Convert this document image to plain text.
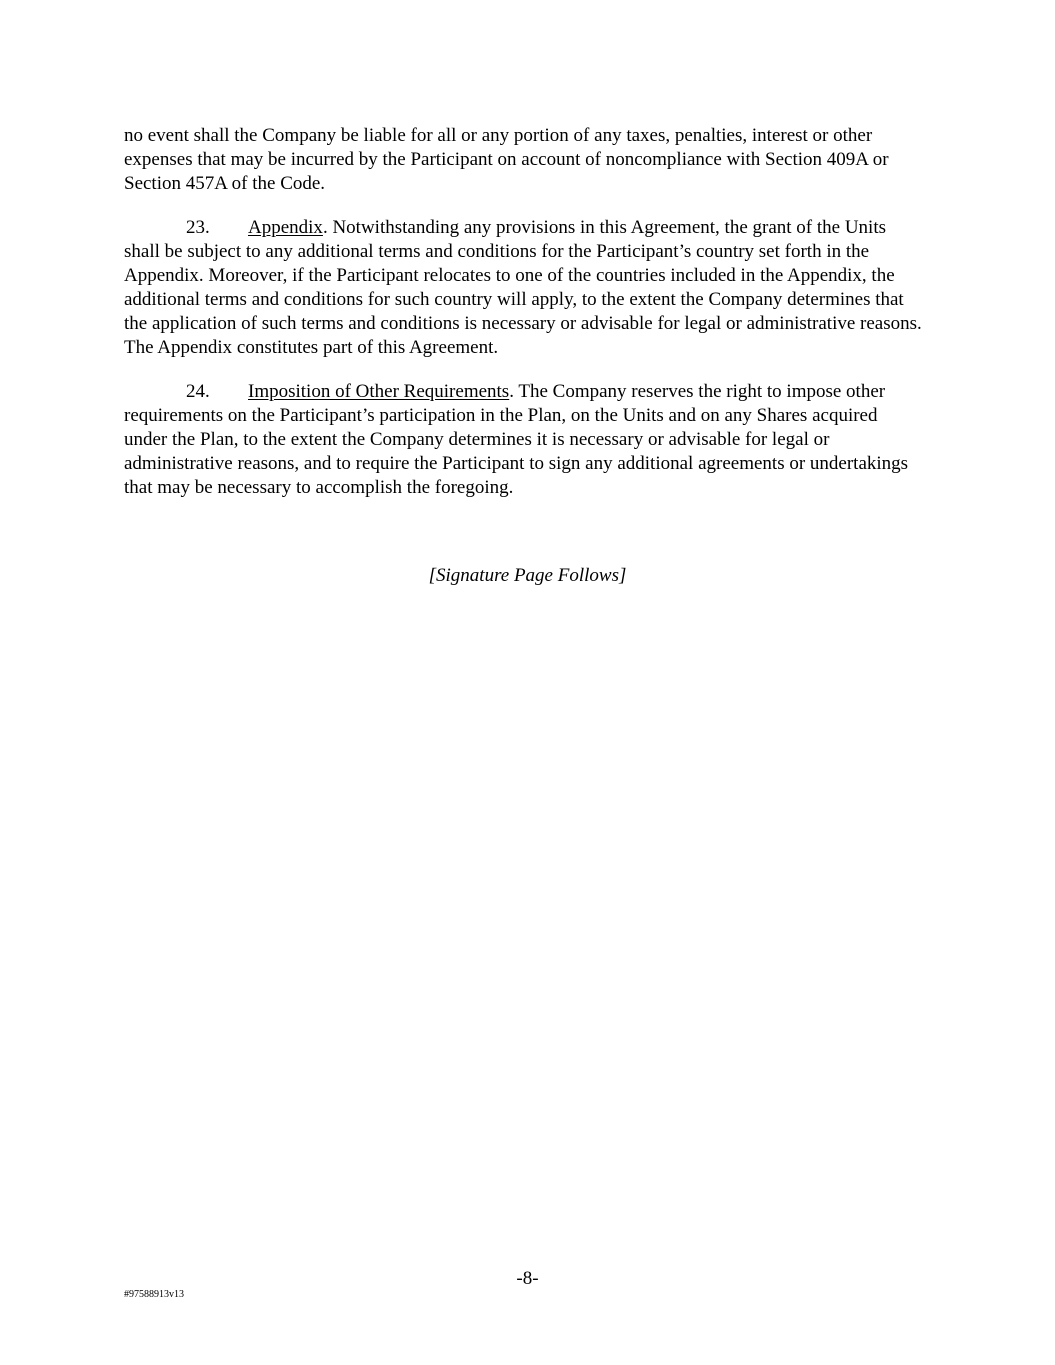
no event shall the Company be liable for all or any portion of any taxes, penalties, interest or other expenses that may be incurred by the Participant on account of noncompliance with Section 409A or Section 457A of the Code.

23. Appendix. Notwithstanding any provisions in this Agreement, the grant of the Units shall be subject to any additional terms and conditions for the Participant’s country set forth in the Appendix. Moreover, if the Participant relocates to one of the countries included in the Appendix, the additional terms and conditions for such country will apply, to the extent the Company determines that the application of such terms and conditions is necessary or advisable for legal or administrative reasons. The Appendix constitutes part of this Agreement.

24. Imposition of Other Requirements. The Company reserves the right to impose other requirements on the Participant’s participation in the Plan, on the Units and on any Shares acquired under the Plan, to the extent the Company determines it is necessary or advisable for legal or administrative reasons, and to require the Participant to sign any additional agreements or undertakings that may be necessary to accomplish the foregoing.

[Signature Page Follows]
-8-
#97588913v13
